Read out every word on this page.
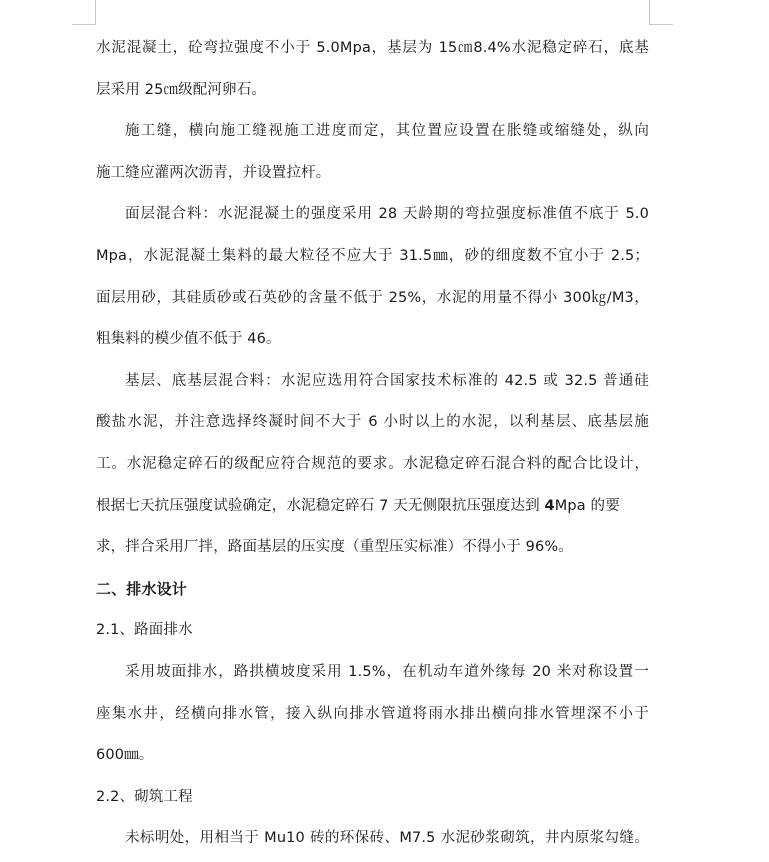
水泥混凝土，砼弯拉强度不小于 5.0Mpa，基层为 15㎝8.4%水泥稳定碎石，底基
层采用 25㎝级配河卵石。
施工缝，横向施工缝视施工进度而定，其位置应设置在胀缝或缩缝处，纵向
施工缝应灌两次沥青，并设置拉杆。
面层混合料：水泥混凝土的强度采用 28 天龄期的弯拉强度标准值不底于 5.0
Mpa，水泥混凝土集料的最大粒径不应大于 31.5㎜，砂的细度数不宜小于 2.5；
面层用砂，其硅质砂或石英砂的含量不低于 25%，水泥的用量不得小 300㎏/M3，
粗集料的模少值不低于 46。
基层、底基层混合料：水泥应选用符合国家技术标准的 42.5 或 32.5 普通硅
酸盐水泥，并注意选择终凝时间不大于 6 小时以上的水泥，以利基层、底基层施
工。水泥稳定碎石的级配应符合规范的要求。水泥稳定碎石混合料的配合比设计，
根据七天抗压强度试验确定，水泥稳定碎石 7 天无侧限抗压强度达到 4Mpa 的要
求，拌合采用厂拌，路面基层的压实度（重型压实标准）不得小于 96%。
二、排水设计
2.1、路面排水
采用坡面排水，路拱横坡度采用 1.5%，在机动车道外缘每 20 米对称设置一
座集水井，经横向排水管，接入纵向排水管道将雨水排出横向排水管埋深不小于
600㎜。
2.2、砌筑工程
未标明处，用相当于 Mu10 砖的环保砖、M7.5 水泥砂浆砌筑，井内原浆勾缝。
